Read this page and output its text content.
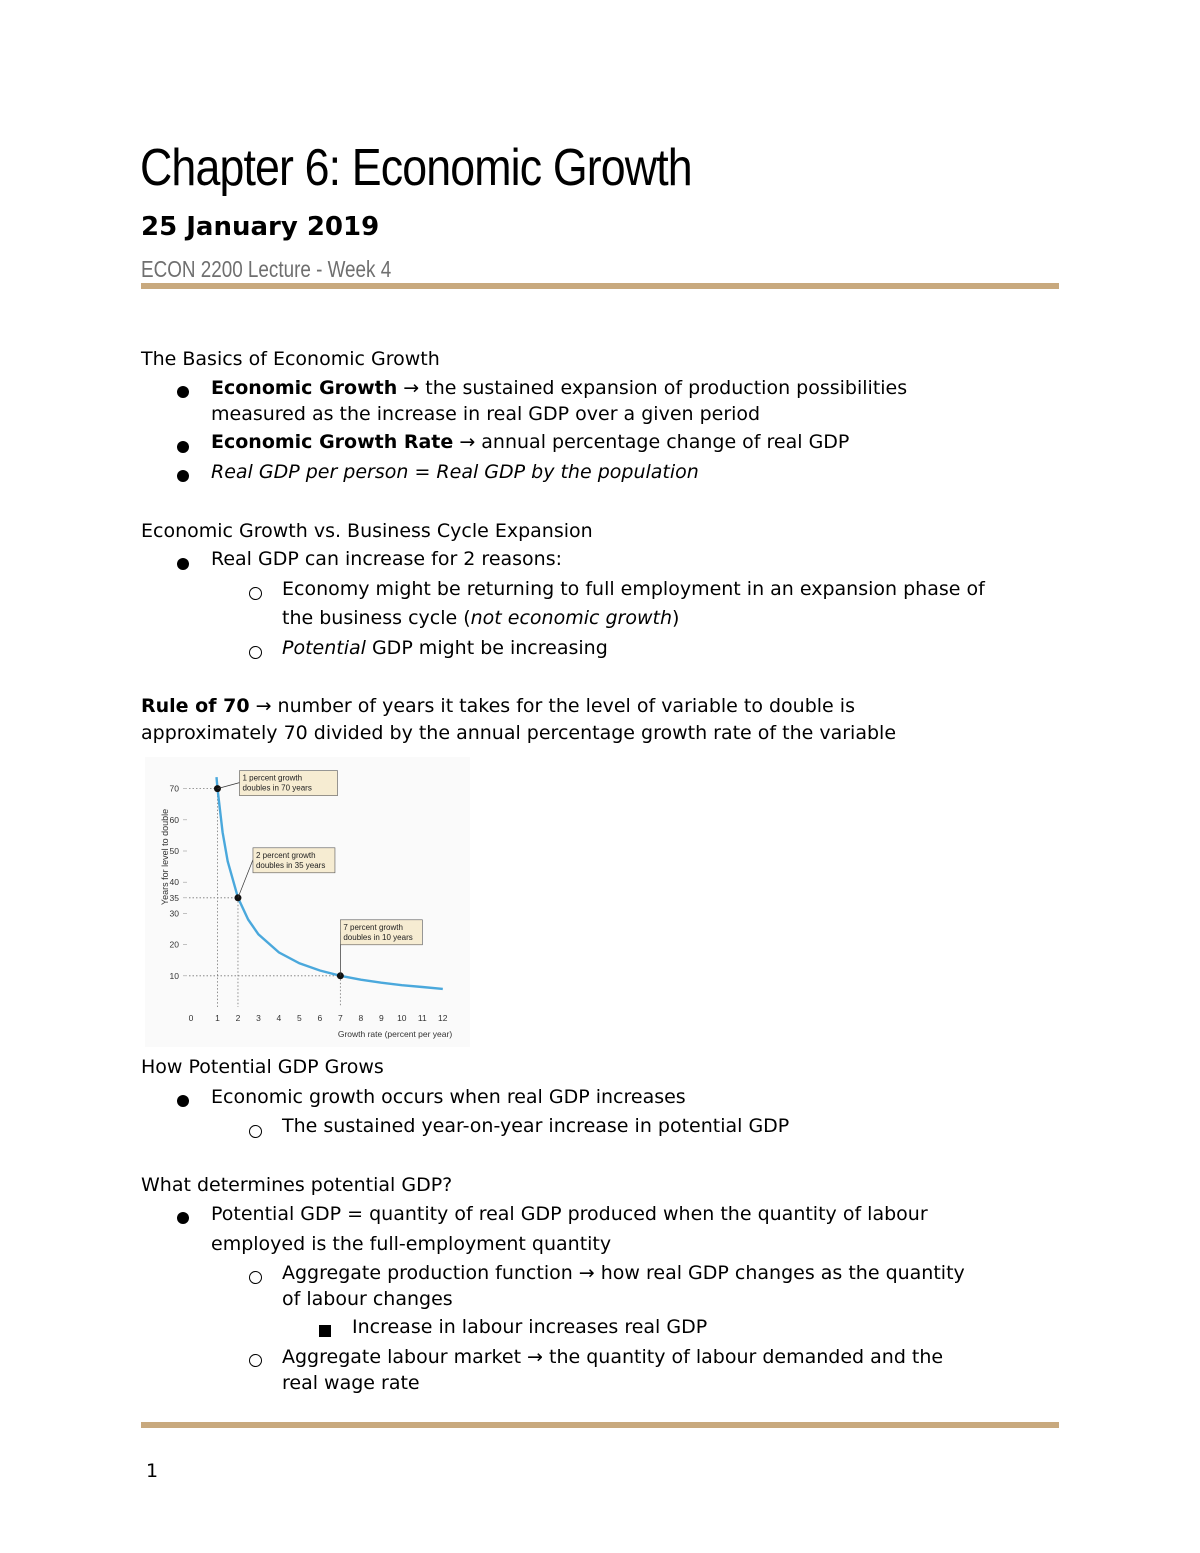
Chapter 6: Economic Growth
25 January 2019
ECON 2200 Lecture - Week 4
The Basics of Economic Growth
Economic Growth → the sustained expansion of production possibilities
measured as the increase in real GDP over a given period
Economic Growth Rate → annual percentage change of real GDP
Real GDP per person = Real GDP by the population
Economic Growth vs. Business Cycle Expansion
Real GDP can increase for 2 reasons:
Economy might be returning to full employment in an expansion phase of
the business cycle (not economic growth)
Potential GDP might be increasing
Rule of 70 → number of years it takes for the level of variable to double is
approximately 70 divided by the annual percentage growth rate of the variable
0	1 2 3 4 5 6 7 8 9 10 11 12
10
20
30
35
40
50
60
70
1 percent growth
doubles in 70 years
2 percent growth
doubles in 35 years
7 percent growth
doubles in 10 years
Years for level to double
Growth rate (percent per year)
How Potential GDP Grows
Economic growth occurs when real GDP increases
The sustained year-on-year increase in potential GDP
What determines potential GDP?
Potential GDP = quantity of real GDP produced when the quantity of labour
employed is the full-employment quantity
Aggregate production function → how real GDP changes as the quantity
of labour changes
Increase in labour increases real GDP
Aggregate labour market → the quantity of labour demanded and the
real wage rate
1
